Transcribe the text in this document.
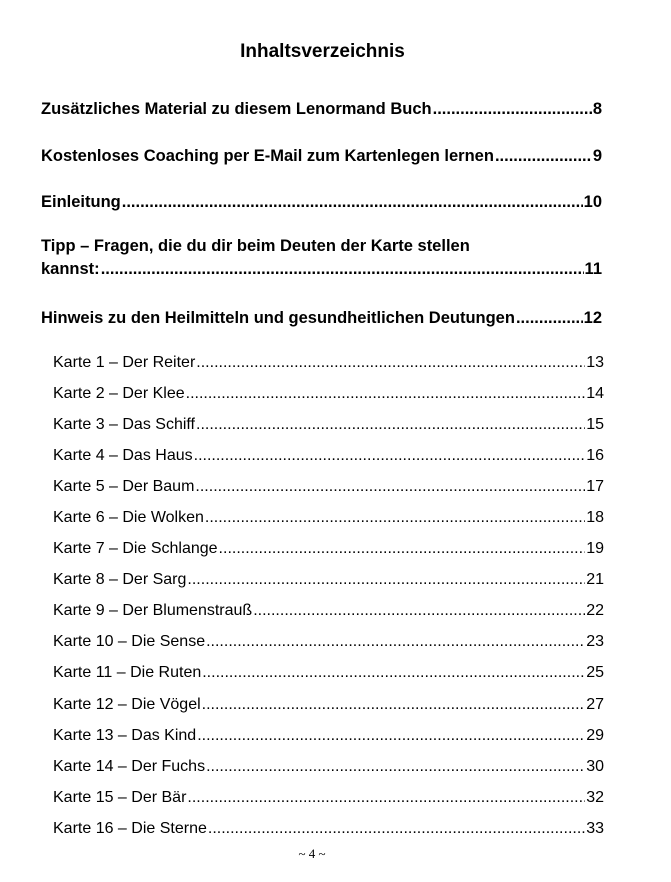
Inhaltsverzeichnis
Zusätzliches Material zu diesem Lenormand Buch .....	8
Kostenloses Coaching per E-Mail zum Kartenlegen lernen .....	9
Einleitung .....	10
Tipp – Fragen, die du dir beim Deuten der Karte stellen
kannst: .....	11
Hinweis zu den Heilmitteln und gesundheitlichen Deutungen .....	12
Karte 1 – Der Reiter .....	13
Karte 2 – Der Klee .....	14
Karte 3 – Das Schiff .....	15
Karte 4 – Das Haus .....	16
Karte 5 – Der Baum .....	17
Karte 6 – Die Wolken .....	18
Karte 7 – Die Schlange .....	19
Karte 8 – Der Sarg .....	21
Karte 9 – Der Blumenstrauß .....	22
Karte 10 – Die Sense .....	23
Karte 11 – Die Ruten .....	25
Karte 12 – Die Vögel .....	27
Karte 13 – Das Kind .....	29
Karte 14 – Der Fuchs .....	30
Karte 15 – Der Bär .....	32
Karte 16 – Die Sterne .....	33
~ 4 ~
